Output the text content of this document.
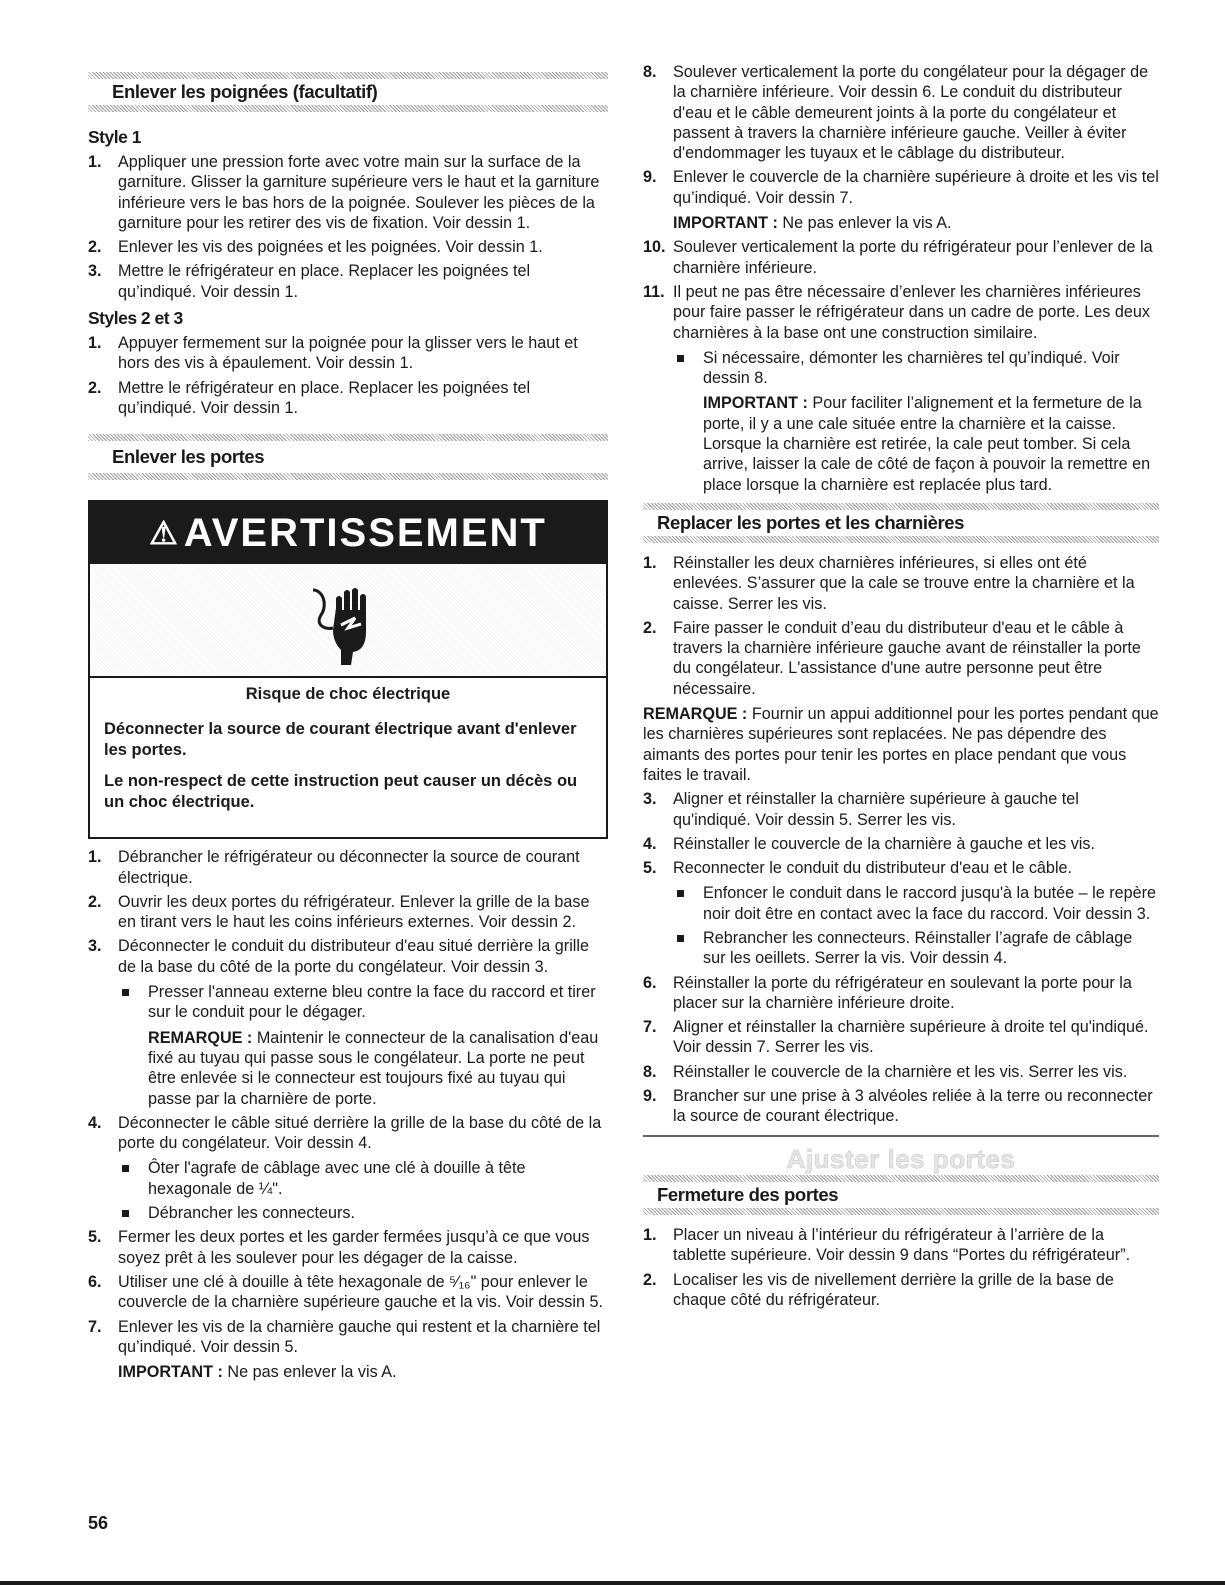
Enlever les poignées (facultatif)
Style 1
1. Appliquer une pression forte avec votre main sur la surface de la garniture. Glisser la garniture supérieure vers le haut et la garniture inférieure vers le bas hors de la poignée. Soulever les pièces de la garniture pour les retirer des vis de fixation. Voir dessin 1.
2. Enlever les vis des poignées et les poignées. Voir dessin 1.
3. Mettre le réfrigérateur en place. Replacer les poignées tel qu’indiqué. Voir dessin 1.
Styles 2 et 3
1. Appuyer fermement sur la poignée pour la glisser vers le haut et hors des vis à épaulement. Voir dessin 1.
2. Mettre le réfrigérateur en place. Replacer les poignées tel qu’indiqué. Voir dessin 1.
Enlever les portes
⚠ AVERTISSEMENT
Risque de choc électrique

Déconnecter la source de courant électrique avant d'enlever les portes.

Le non-respect de cette instruction peut causer un décès ou un choc électrique.

1. Débrancher le réfrigérateur ou déconnecter la source de courant électrique.
2. Ouvrir les deux portes du réfrigérateur. Enlever la grille de la base en tirant vers le haut les coins inférieurs externes. Voir dessin 2.
3. Déconnecter le conduit du distributeur d'eau situé derrière la grille de la base du côté de la porte du congélateur. Voir dessin 3.
Presser l'anneau externe bleu contre la face du raccord et tirer sur le conduit pour le dégager.
REMARQUE : Maintenir le connecteur de la canalisation d'eau fixé au tuyau qui passe sous le congélateur. La porte ne peut être enlevée si le connecteur est toujours fixé au tuyau qui passe par la charnière de porte.
4. Déconnecter le câble situé derrière la grille de la base du côté de la porte du congélateur. Voir dessin 4.
Ôter l'agrafe de câblage avec une clé à douille à tête hexagonale de ¼".
Débrancher les connecteurs.
5. Fermer les deux portes et les garder fermées jusqu’à ce que vous soyez prêt à les soulever pour les dégager de la caisse.
6. Utiliser une clé à douille à tête hexagonale de ⁵⁄₁₆" pour enlever le couvercle de la charnière supérieure gauche et la vis. Voir dessin 5.
7. Enlever les vis de la charnière gauche qui restent et la charnière tel qu’indiqué. Voir dessin 5.
IMPORTANT : Ne pas enlever la vis A.
8. Soulever verticalement la porte du congélateur pour la dégager de la charnière inférieure. Voir dessin 6. Le conduit du distributeur d'eau et le câble demeurent joints à la porte du congélateur et passent à travers la charnière inférieure gauche. Veiller à éviter d'endommager les tuyaux et le câblage du distributeur.
9. Enlever le couvercle de la charnière supérieure à droite et les vis tel qu’indiqué. Voir dessin 7.
IMPORTANT : Ne pas enlever la vis A.
10. Soulever verticalement la porte du réfrigérateur pour l’enlever de la charnière inférieure.
11. Il peut ne pas être nécessaire d’enlever les charnières inférieures pour faire passer le réfrigérateur dans un cadre de porte. Les deux charnières à la base ont une construction similaire.
Si nécessaire, démonter les charnières tel qu’indiqué. Voir dessin 8.
IMPORTANT : Pour faciliter l’alignement et la fermeture de la porte, il y a une cale située entre la charnière et la caisse. Lorsque la charnière est retirée, la cale peut tomber. Si cela arrive, laisser la cale de côté de façon à pouvoir la remettre en place lorsque la charnière est replacée plus tard.
Replacer les portes et les charnières
1. Réinstaller les deux charnières inférieures, si elles ont été enlevées. S’assurer que la cale se trouve entre la charnière et la caisse. Serrer les vis.
2. Faire passer le conduit d’eau du distributeur d'eau et le câble à travers la charnière inférieure gauche avant de réinstaller la porte du congélateur. L'assistance d'une autre personne peut être nécessaire.
REMARQUE : Fournir un appui additionnel pour les portes pendant que les charnières supérieures sont replacées. Ne pas dépendre des aimants des portes pour tenir les portes en place pendant que vous faites le travail.
3. Aligner et réinstaller la charnière supérieure à gauche tel qu'indiqué. Voir dessin 5. Serrer les vis.
4. Réinstaller le couvercle de la charnière à gauche et les vis.
5. Reconnecter le conduit du distributeur d'eau et le câble.
Enfoncer le conduit dans le raccord jusqu'à la butée – le repère noir doit être en contact avec la face du raccord. Voir dessin 3.
Rebrancher les connecteurs. Réinstaller l’agrafe de câblage sur les oeillets. Serrer la vis. Voir dessin 4.
6. Réinstaller la porte du réfrigérateur en soulevant la porte pour la placer sur la charnière inférieure droite.
7. Aligner et réinstaller la charnière supérieure à droite tel qu'indiqué. Voir dessin 7. Serrer les vis.
8. Réinstaller le couvercle de la charnière et les vis. Serrer les vis.
9. Brancher sur une prise à 3 alvéoles reliée à la terre ou reconnecter la source de courant électrique.
Ajuster les portes
Fermeture des portes
1. Placer un niveau à l’intérieur du réfrigérateur à l’arrière de la tablette supérieure. Voir dessin 9 dans “Portes du réfrigérateur”.
2. Localiser les vis de nivellement derrière la grille de la base de chaque côté du réfrigérateur.
56
